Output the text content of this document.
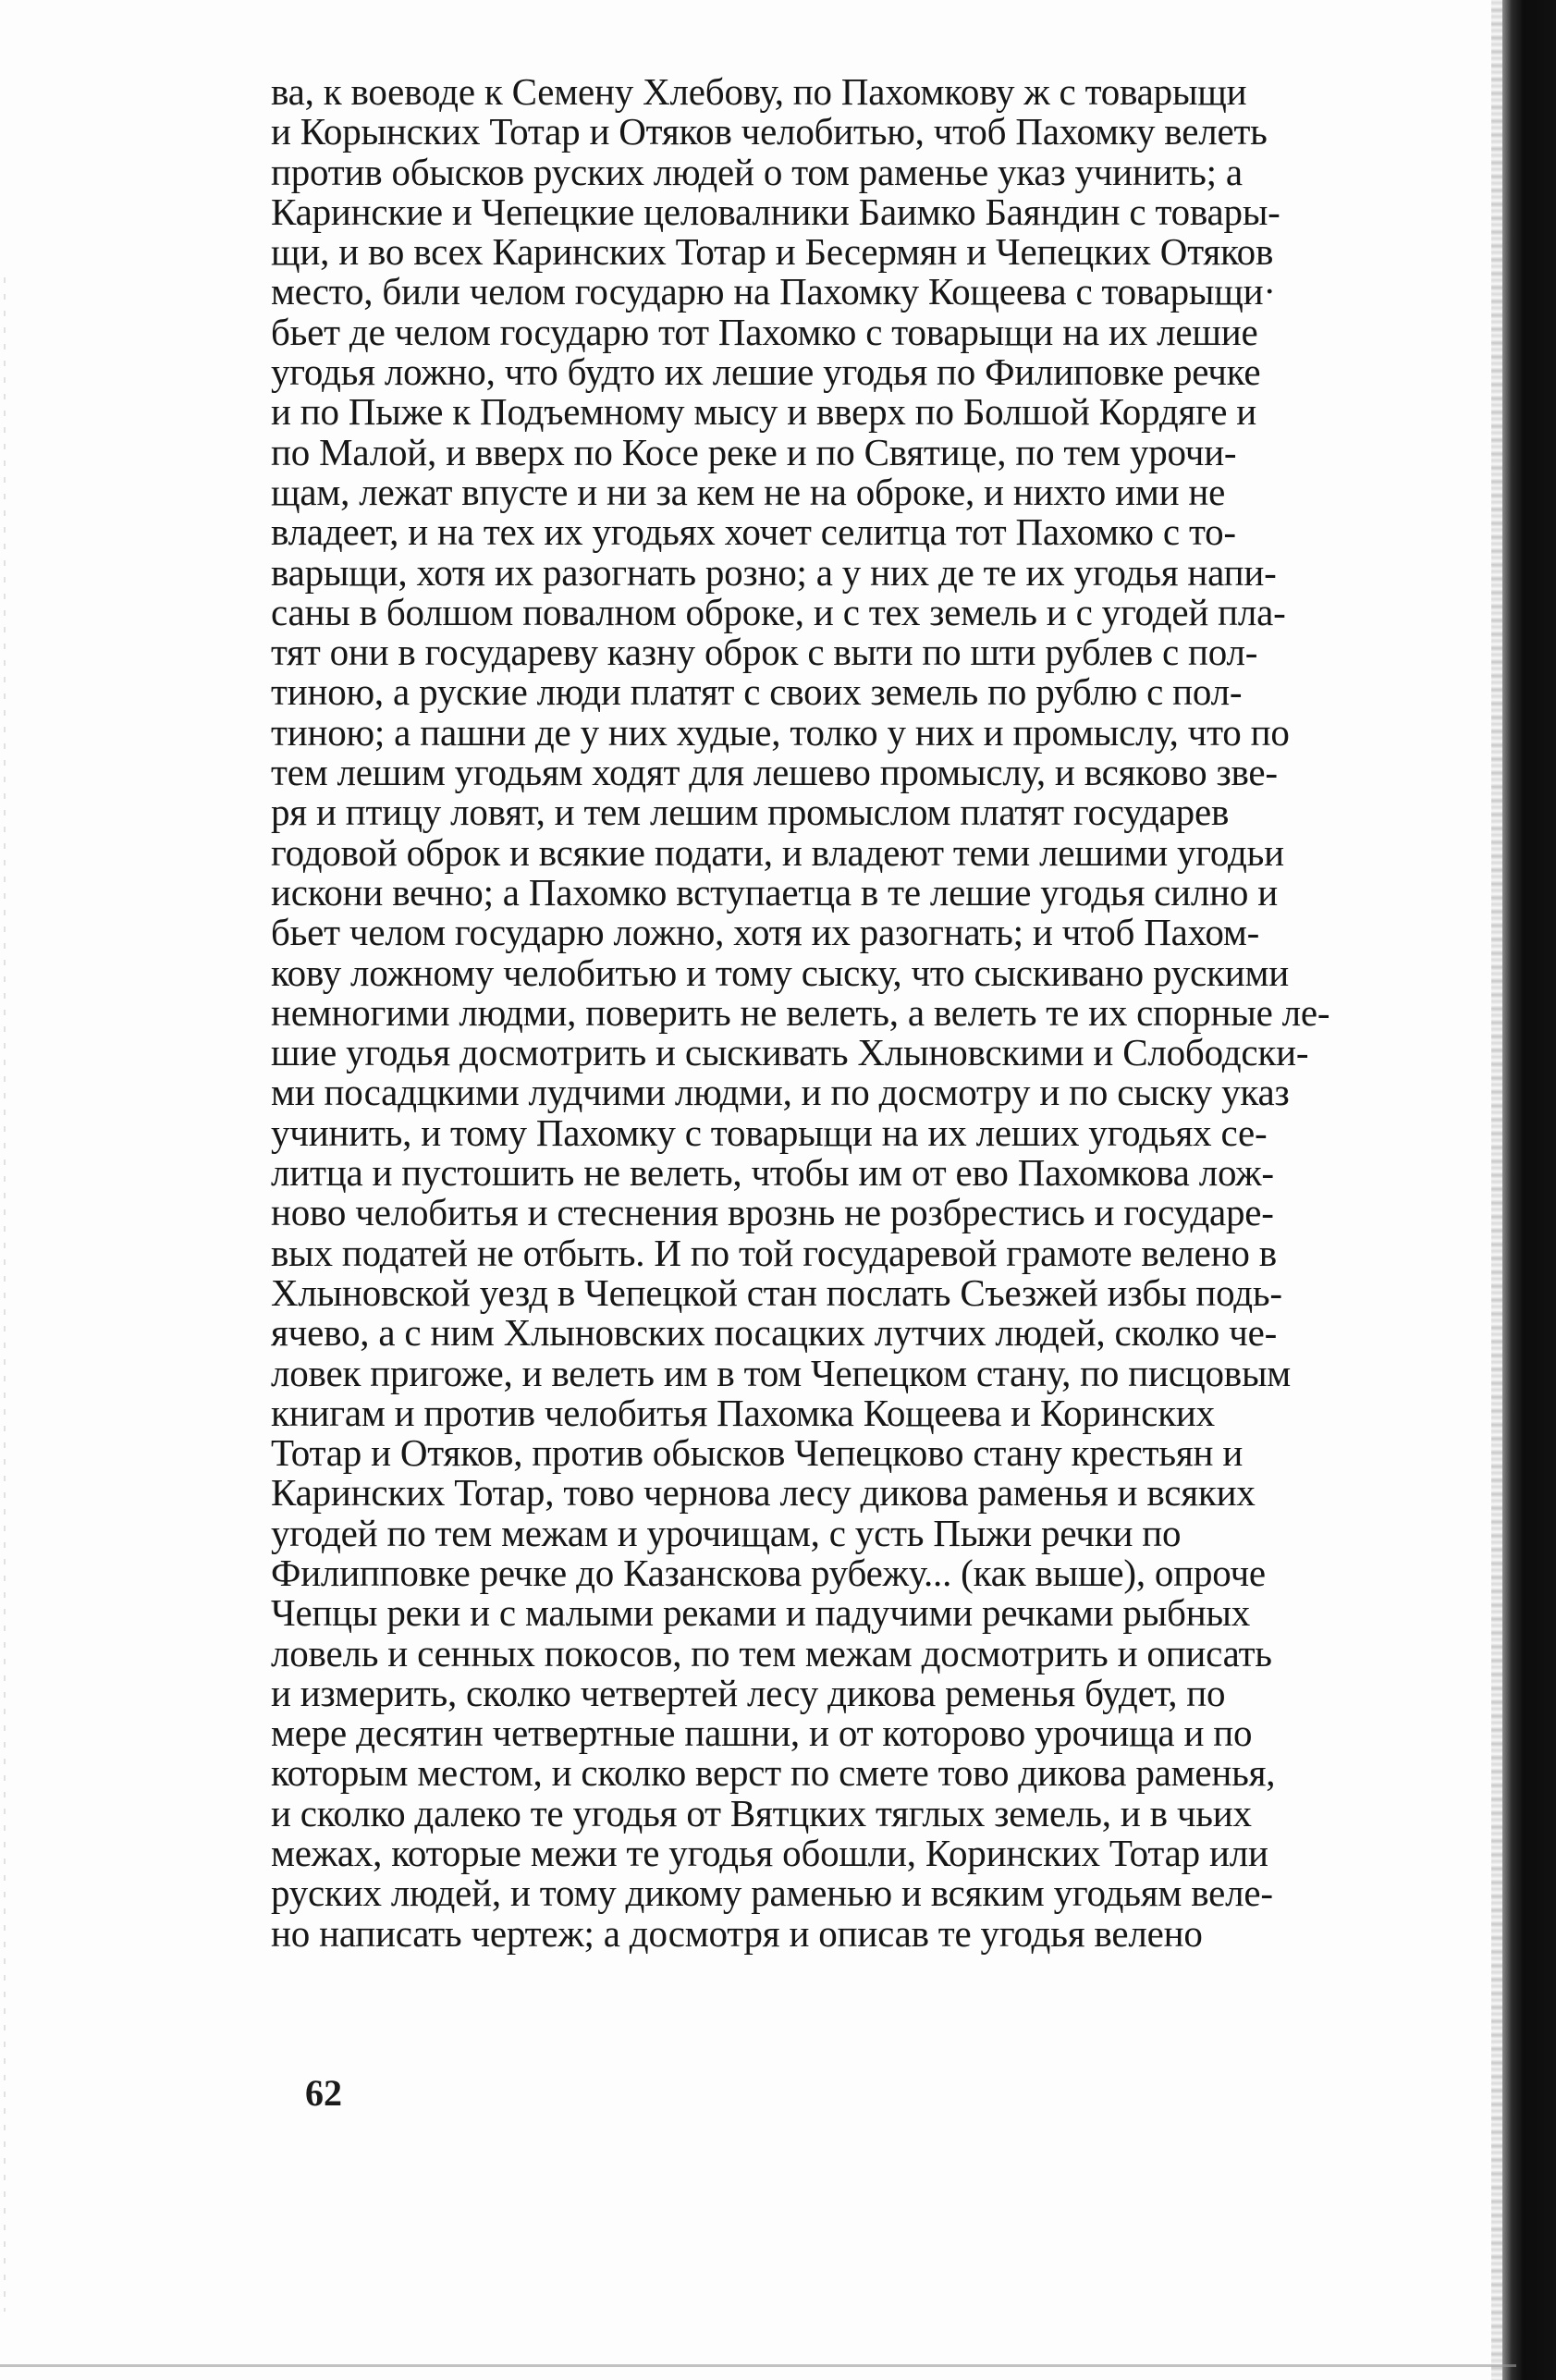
ва, к воеводе к Семену Хлебову, по Пахомкову ж с товарыщи
и Корынских Тотар и Отяков челобитью, чтоб Пахомку велеть
против обысков руских людей о том раменье указ учинить; а
Каринские и Чепецкие целовалники Баимко Баяндин с товары-
щи, и во всех Каринских Тотар и Бесермян и Чепецких Отяков
место, били челом государю на Пахомку Кощеева с товарыщи·
бьет де челом государю тот Пахомко с товарыщи на их лешие
угодья ложно, что будто их лешие угодья по Филиповке речке
и по Пыже к Подъемному мысу и вверх по Болшой Кордяге и
по Малой, и вверх по Косе реке и по Святице, по тем урочи-
щам, лежат впусте и ни за кем не на оброке, и нихто ими не
владеет, и на тех их угодьях хочет селитца тот Пахомко с то-
варыщи, хотя их разогнать розно; а у них де те их угодья напи-
саны в болшом повалном оброке, и с тех земель и с угодей пла-
тят они в государеву казну оброк с выти по шти рублев с пол-
тиною, а руские люди платят с своих земель по рублю с пол-
тиною; а пашни де у них худые, толко у них и промыслу, что по
тем лешим угодьям ходят для лешево промыслу, и всяково зве-
ря и птицу ловят, и тем лешим промыслом платят государев
годовой оброк и всякие подати, и владеют теми лешими угодьи
искони вечно; а Пахомко вступаетца в те лешие угодья силно и
бьет челом государю ложно, хотя их разогнать; и чтоб Пахом-
кову ложному челобитью и тому сыску, что сыскивано рускими
немногими людми, поверить не велеть, а велеть те их спорные ле-
шие угодья досмотрить и сыскивать Хлыновскими и Слободски-
ми посадцкими лудчими людми, и по досмотру и по сыску указ
учинить, и тому Пахомку с товарыщи на их леших угодьях се-
литца и пустошить не велеть, чтобы им от ево Пахомкова лож-
ново челобитья и стеснения врознь не розбрестись и государе-
вых податей не отбыть. И по той государевой грамоте велено в
Хлыновской уезд в Чепецкой стан послать Съезжей избы подь-
ячево, а с ним Хлыновских посацких лутчих людей, сколко че-
ловек пригоже, и велеть им в том Чепецком стану, по писцовым
книгам и против челобитья Пахомка Кощеева и Коринских
Тотар и Отяков, против обысков Чепецково стану крестьян и
Каринских Тотар, тово чернова лесу дикова раменья и всяких
угодей по тем межам и урочищам, с усть Пыжи речки по
Филипповке речке до Казанскова рубежу... (как выше), опроче
Чепцы реки и с малыми реками и падучими речками рыбных
ловель и сенных покосов, по тем межам досмотрить и описать
и измерить, сколко четвертей лесу дикова ременья будет, по
мере десятин четвертные пашни, и от которово урочища и по
которым местом, и сколко верст по смете тово дикова раменья,
и сколко далеко те угодья от Вятцких тяглых земель, и в чьих
межах, которые межи те угодья обошли, Коринских Тотар или
руских людей, и тому дикому раменью и всяким угодьям веле-
но написать чертеж; а досмотря и описав те угодья велено
62
